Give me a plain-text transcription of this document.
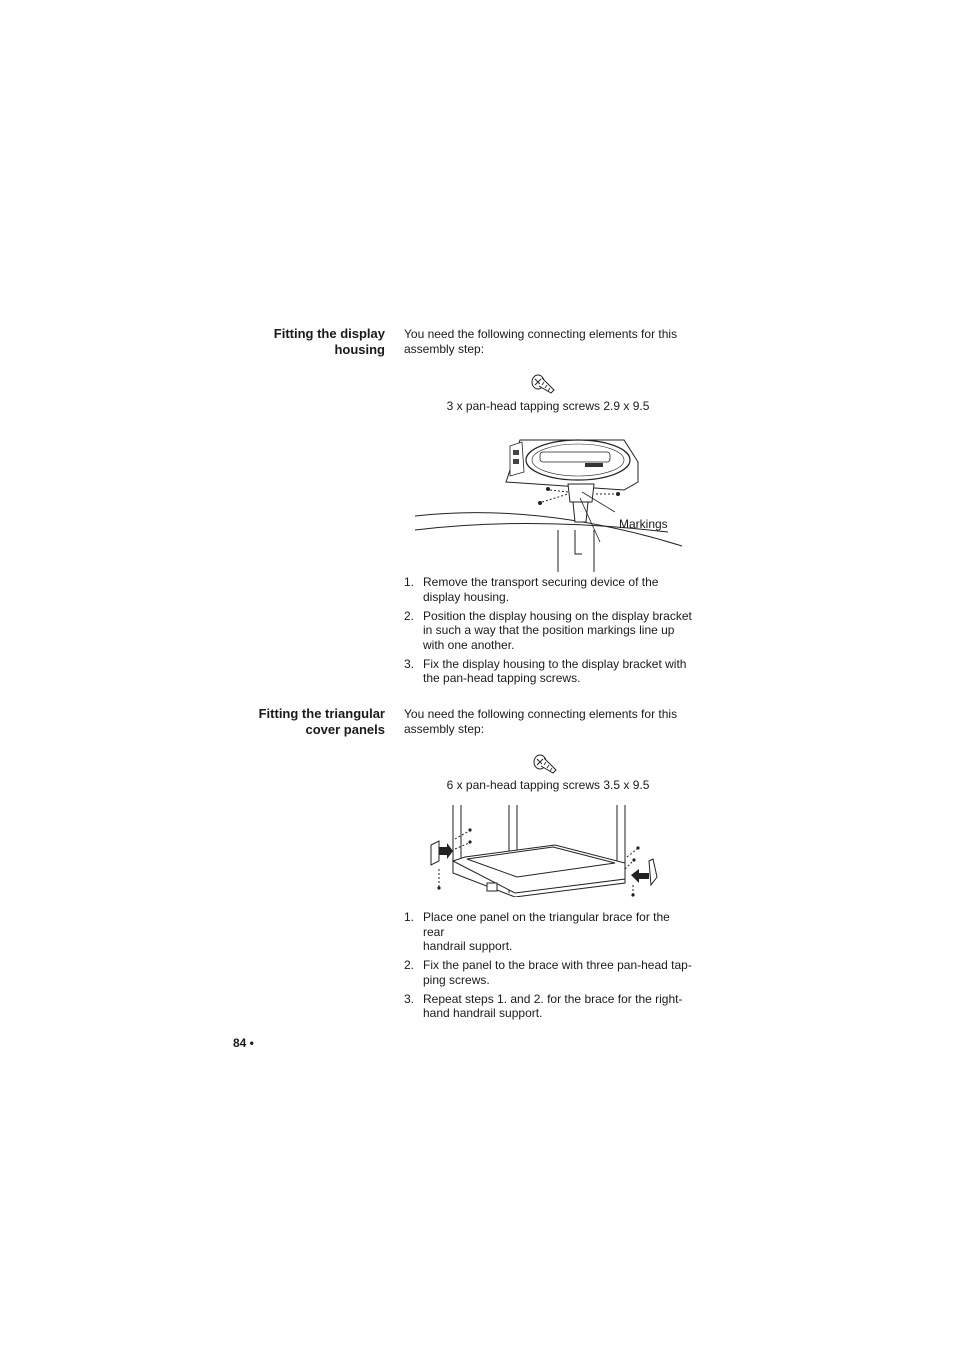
Fitting the display
housing
You need the following connecting elements for this
assembly step:
3 x pan-head tapping screws 2.9 x 9.5
Markings
1. Remove the transport securing device of the
display housing.
2. Position the display housing on the display bracket
in such a way that the position markings line up
with one another.
3. Fix the display housing to the display bracket with
the pan-head tapping screws.
Fitting the triangular
cover panels
You need the following connecting elements for this
assembly step:
6 x pan-head tapping screws 3.5 x 9.5
1. Place one panel on the triangular brace for the rear
handrail support.
2. Fix the panel to the brace with three pan-head tap-
ping screws.
3. Repeat steps 1. and 2. for the brace for the right-
hand handrail support.
84 •
